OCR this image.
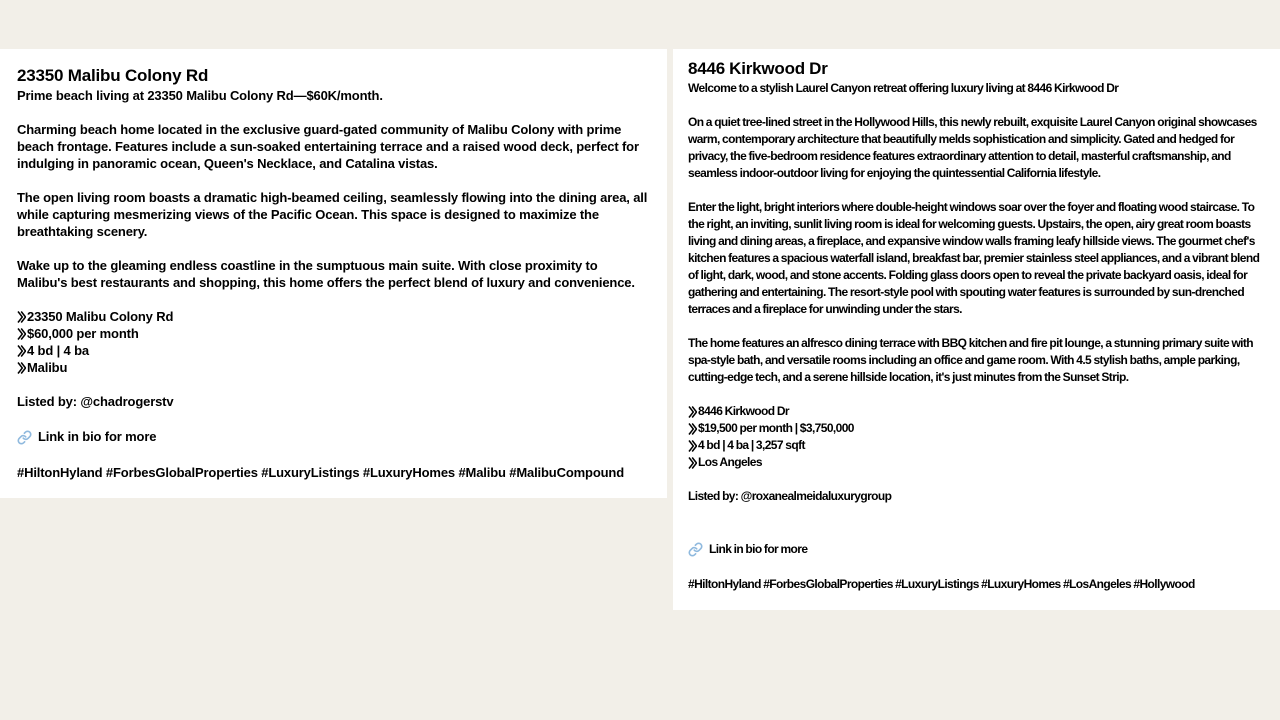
23350 Malibu Colony Rd

Prime beach living at 23350 Malibu Colony Rd—$60K/month.

Charming beach home located in the exclusive guard-gated community of Malibu Colony with prime beach frontage. Features include a sun-soaked entertaining terrace and a raised wood deck, perfect for indulging in panoramic ocean, Queen's Necklace, and Catalina vistas.

The open living room boasts a dramatic high-beamed ceiling, seamlessly flowing into the dining area, all while capturing mesmerizing views of the Pacific Ocean. This space is designed to maximize the breathtaking scenery.

Wake up to the gleaming endless coastline in the sumptuous main suite. With close proximity to Malibu's best restaurants and shopping, this home offers the perfect blend of luxury and convenience.

23350 Malibu Colony Rd
$60,000 per month
4 bd | 4 ba
Malibu

Listed by: @chadrogerstv

Link in bio for more

#HiltonHyland #ForbesGlobalProperties #LuxuryListings #LuxuryHomes #Malibu #MalibuCompound

8446 Kirkwood Dr

Welcome to a stylish Laurel Canyon retreat offering luxury living at 8446 Kirkwood Dr

On a quiet tree-lined street in the Hollywood Hills, this newly rebuilt, exquisite Laurel Canyon original showcases warm, contemporary architecture that beautifully melds sophistication and simplicity. Gated and hedged for privacy, the five-bedroom residence features extraordinary attention to detail, masterful craftsmanship, and seamless indoor-outdoor living for enjoying the quintessential California lifestyle.

Enter the light, bright interiors where double-height windows soar over the foyer and floating wood staircase. To the right, an inviting, sunlit living room is ideal for welcoming guests. Upstairs, the open, airy great room boasts living and dining areas, a fireplace, and expansive window walls framing leafy hillside views. The gourmet chef's kitchen features a spacious waterfall island, breakfast bar, premier stainless steel appliances, and a vibrant blend of light, dark, wood, and stone accents. Folding glass doors open to reveal the private backyard oasis, ideal for gathering and entertaining. The resort-style pool with spouting water features is surrounded by sun-drenched terraces and a fireplace for unwinding under the stars.

The home features an alfresco dining terrace with BBQ kitchen and fire pit lounge, a stunning primary suite with spa-style bath, and versatile rooms including an office and game room. With 4.5 stylish baths, ample parking, cutting-edge tech, and a serene hillside location, it's just minutes from the Sunset Strip.

8446 Kirkwood Dr
$19,500 per month | $3,750,000
4 bd | 4 ba | 3,257 sqft
Los Angeles

Listed by: @roxanealmeidaluxurygroup

Link in bio for more

#HiltonHyland #ForbesGlobalProperties #LuxuryListings #LuxuryHomes #LosAngeles #Hollywood
